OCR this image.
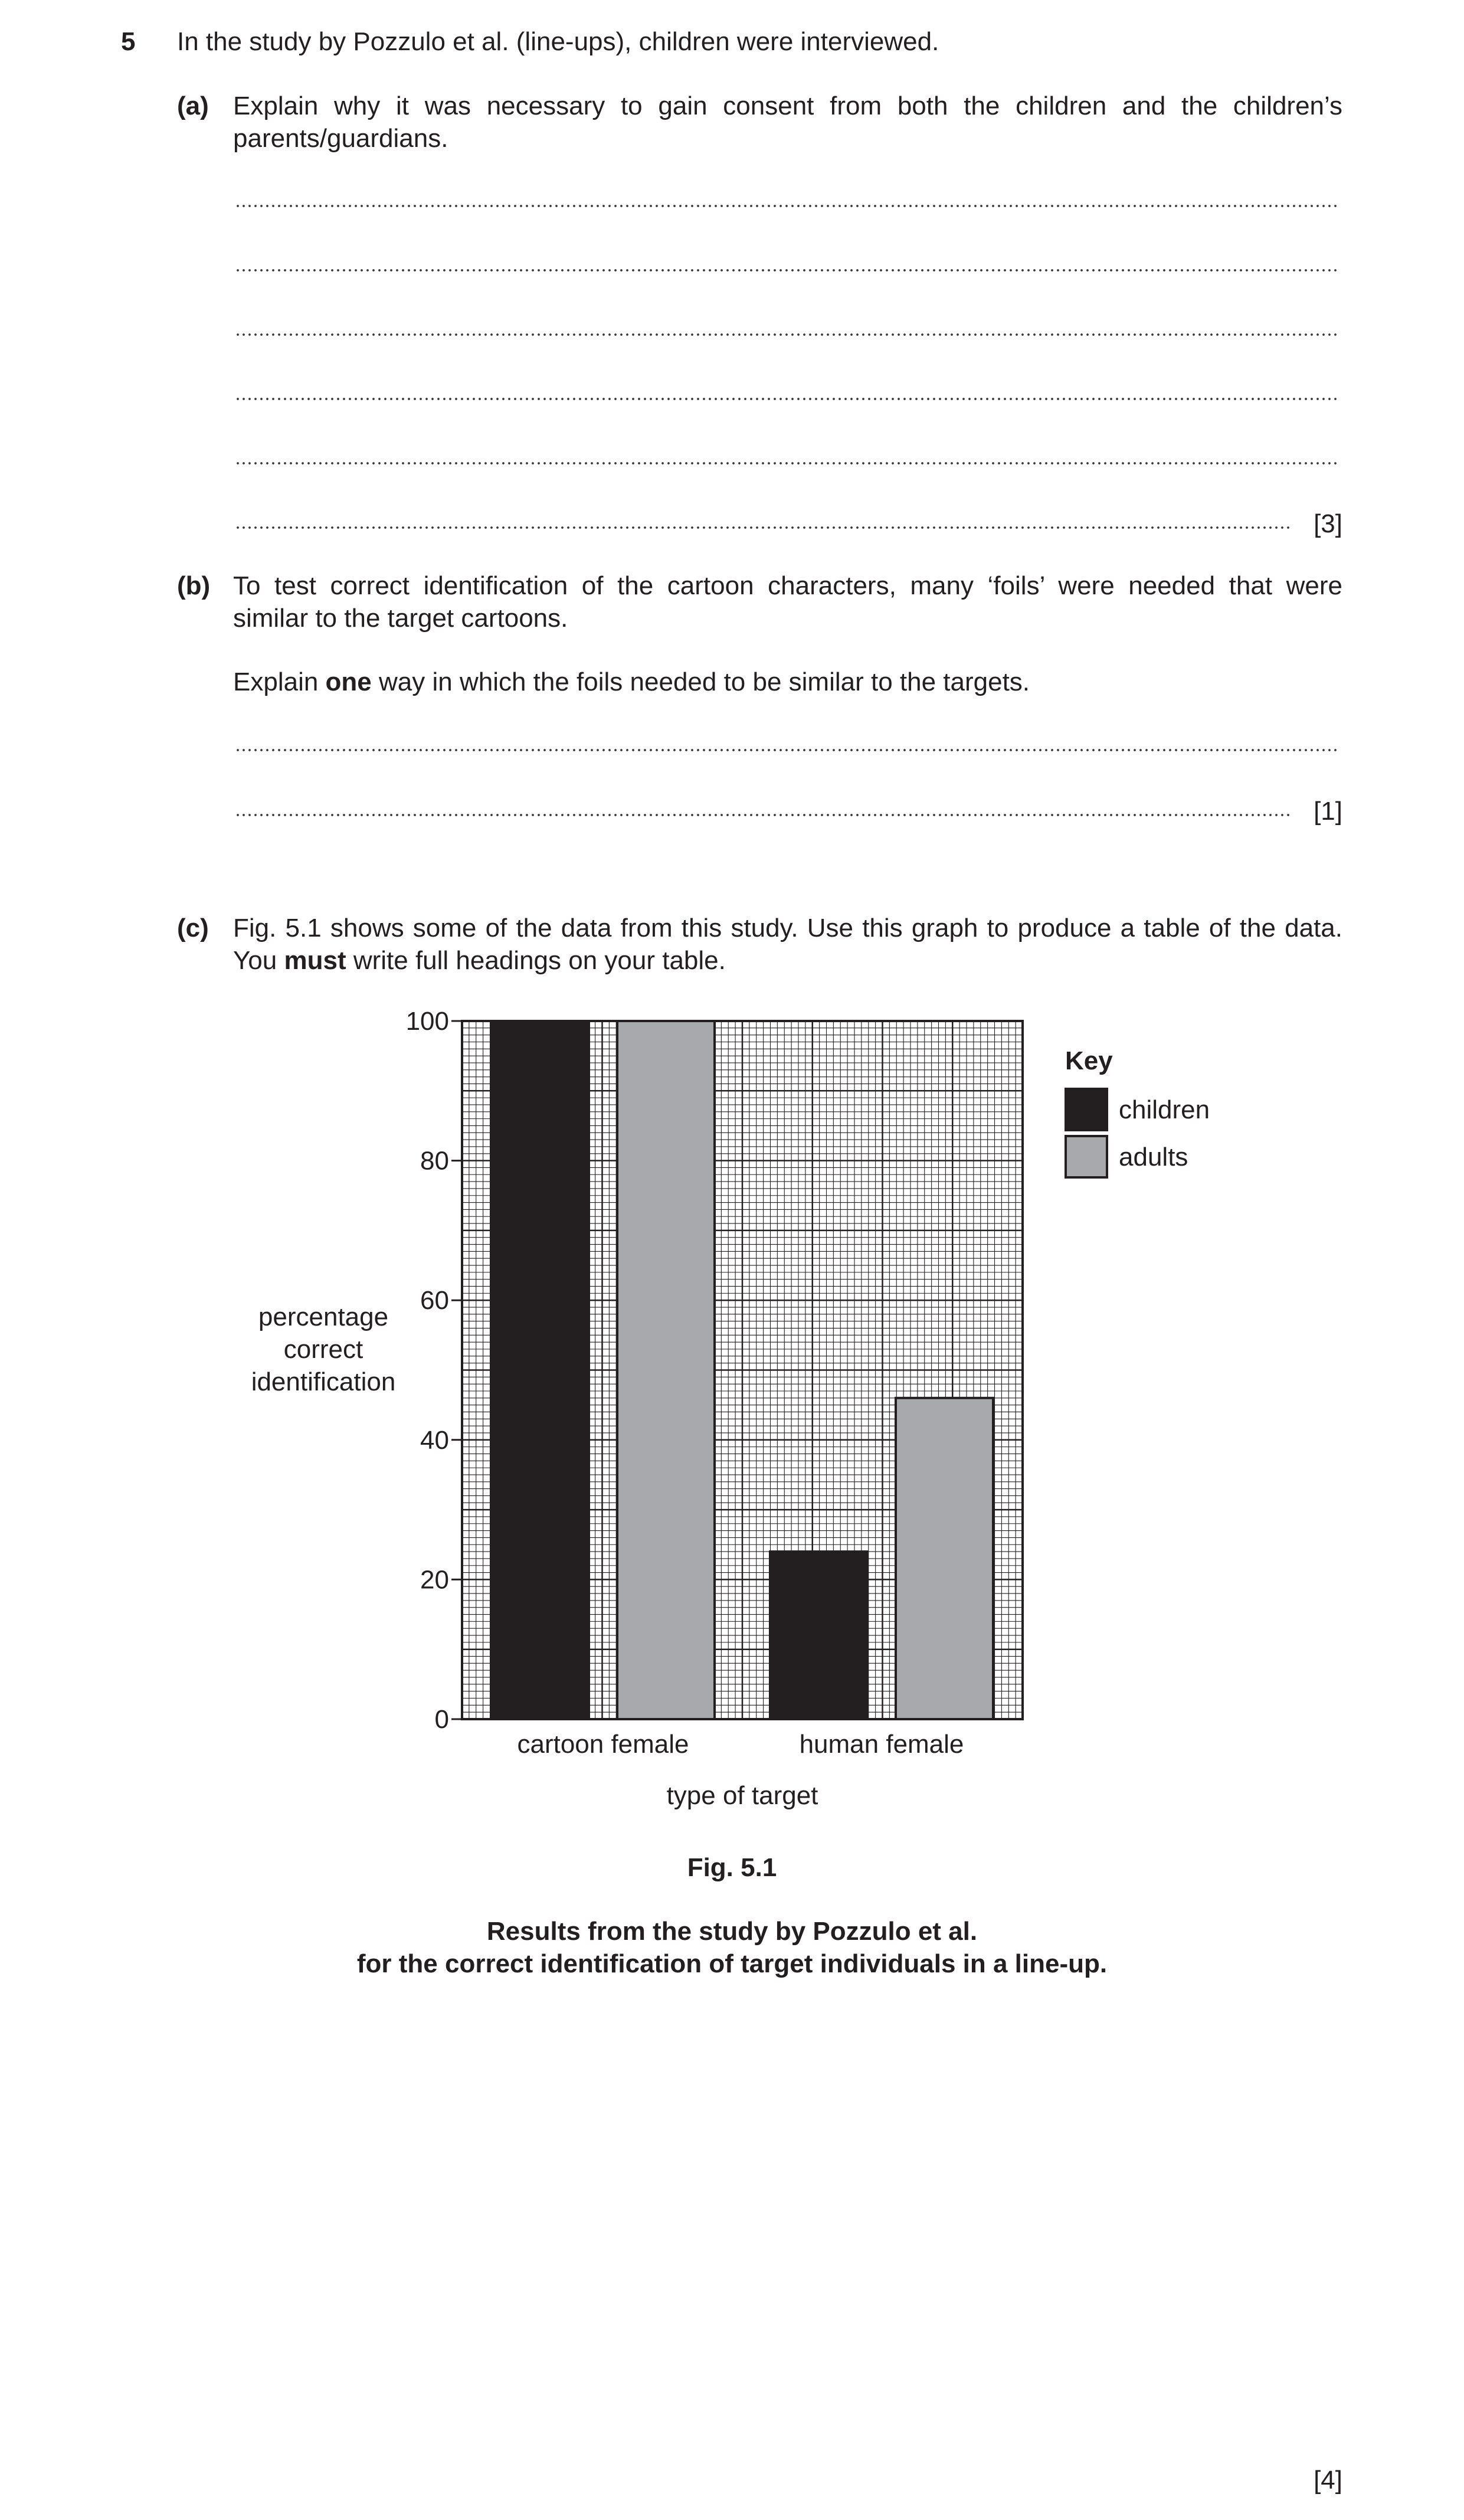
5 In the study by Pozzulo et al. (line-ups), children were interviewed.
(a) Explain why it was necessary to gain consent from both the children and the children’s
parents/guardians.
[3]
(b) To test correct identification of the cartoon characters, many ‘foils’ were needed that were
similar to the target cartoons.
Explain one way in which the foils needed to be similar to the targets.
[1]
(c) Fig. 5.1 shows some of the data from this study. Use this graph to produce a table of the data.
You must write full headings on your table.
0
20
40
60
80
100
cartoon female	human female
type of target
percentage
correct
identification
Key
children
adults
Fig. 5.1
Results from the study by Pozzulo et al.
for the correct identification of target individuals in a line-up.
[4]
